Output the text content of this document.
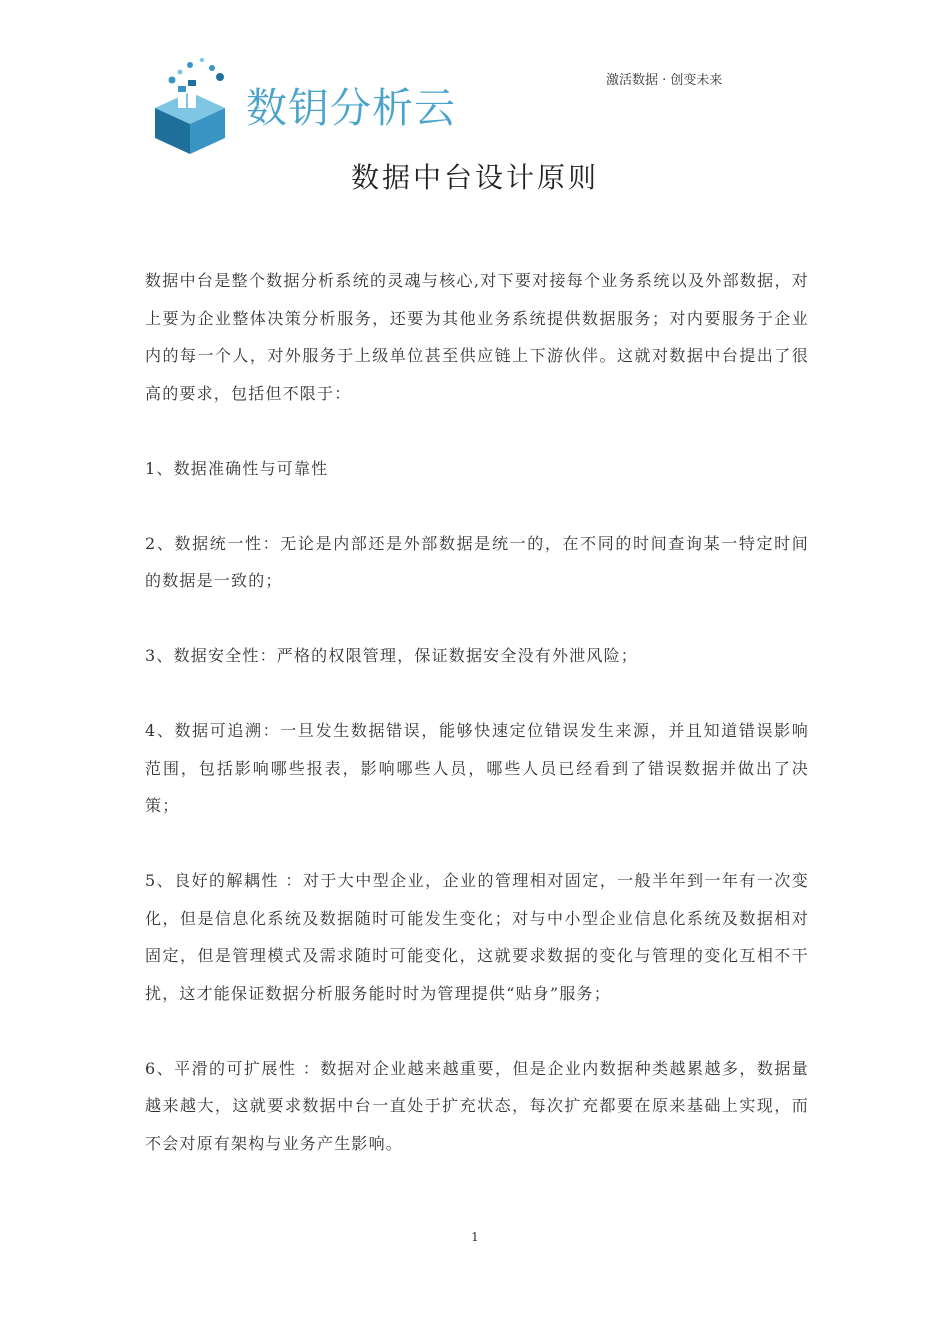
数钥分析云
激活数据 · 创变未来
数据中台设计原则

数据中台是整个数据分析系统的灵魂与核心,对下要对接每个业务系统以及外部数据，对上要为企业整体决策分析服务，还要为其他业务系统提供数据服务；对内要服务于企业内的每一个人，对外服务于上级单位甚至供应链上下游伙伴。这就对数据中台提出了很高的要求，包括但不限于：

1、数据准确性与可靠性

2、数据统一性：无论是内部还是外部数据是统一的，在不同的时间查询某一特定时间的数据是一致的；

3、数据安全性：严格的权限管理，保证数据安全没有外泄风险；

4、数据可追溯：一旦发生数据错误，能够快速定位错误发生来源，并且知道错误影响范围，包括影响哪些报表，影响哪些人员，哪些人员已经看到了错误数据并做出了决策；

5、良好的解耦性 ：对于大中型企业，企业的管理相对固定，一般半年到一年有一次变化，但是信息化系统及数据随时可能发生变化；对与中小型企业信息化系统及数据相对固定，但是管理模式及需求随时可能变化，这就要求数据的变化与管理的变化互相不干扰，这才能保证数据分析服务能时时为管理提供“贴身”服务；

6、平滑的可扩展性 ：数据对企业越来越重要，但是企业内数据种类越累越多，数据量越来越大，这就要求数据中台一直处于扩充状态，每次扩充都要在原来基础上实现，而不会对原有架构与业务产生影响。

1
